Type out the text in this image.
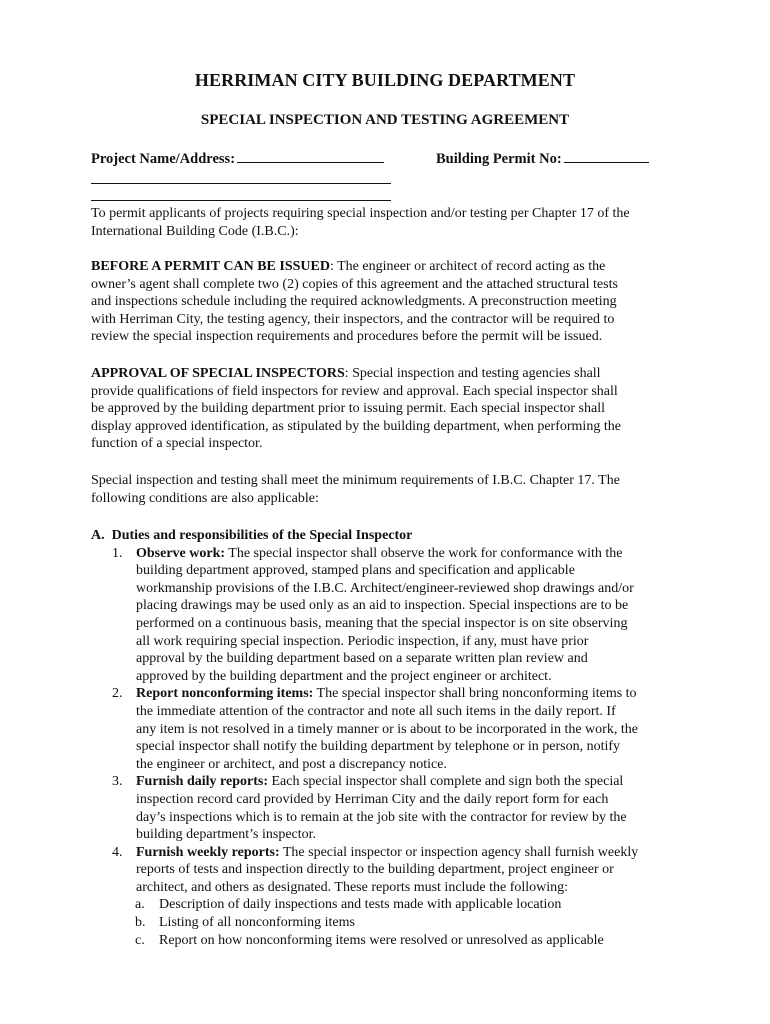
HERRIMAN CITY BUILDING DEPARTMENT
SPECIAL INSPECTION AND TESTING AGREEMENT
Project Name/Address:	Building Permit No:

To permit applicants of projects requiring special inspection and/or testing per Chapter 17 of the

International Building Code (I.B.C.):

BEFORE A PERMIT CAN BE ISSUED: The engineer or architect of record acting as the

owner’s agent shall complete two (2) copies of this agreement and the attached structural tests

and inspections schedule including the required acknowledgments. A preconstruction meeting

with Herriman City, the testing agency, their inspectors, and the contractor will be required to

review the special inspection requirements and procedures before the permit will be issued.

APPROVAL OF SPECIAL INSPECTORS: Special inspection and testing agencies shall

provide qualifications of field inspectors for review and approval. Each special inspector shall

be approved by the building department prior to issuing permit. Each special inspector shall

display approved identification, as stipulated by the building department, when performing the

function of a special inspector.

Special inspection and testing shall meet the minimum requirements of I.B.C. Chapter 17. The

following conditions are also applicable:

A. Duties and responsibilities of the Special Inspector

1. Observe work: The special inspector shall observe the work for conformance with the

building department approved, stamped plans and specification and applicable

workmanship provisions of the I.B.C. Architect/engineer-reviewed shop drawings and/or

placing drawings may be used only as an aid to inspection. Special inspections are to be

performed on a continuous basis, meaning that the special inspector is on site observing

all work requiring special inspection. Periodic inspection, if any, must have prior

approval by the building department based on a separate written plan review and

approved by the building department and the project engineer or architect.

2. Report nonconforming items: The special inspector shall bring nonconforming items to

the immediate attention of the contractor and note all such items in the daily report. If

any item is not resolved in a timely manner or is about to be incorporated in the work, the

special inspector shall notify the building department by telephone or in person, notify

the engineer or architect, and post a discrepancy notice.

3. Furnish daily reports: Each special inspector shall complete and sign both the special

inspection record card provided by Herriman City and the daily report form for each

day’s inspections which is to remain at the job site with the contractor for review by the

building department’s inspector.

4. Furnish weekly reports: The special inspector or inspection agency shall furnish weekly

reports of tests and inspection directly to the building department, project engineer or

architect, and others as designated. These reports must include the following:

a. Description of daily inspections and tests made with applicable location

b. Listing of all nonconforming items

c. Report on how nonconforming items were resolved or unresolved as applicable
